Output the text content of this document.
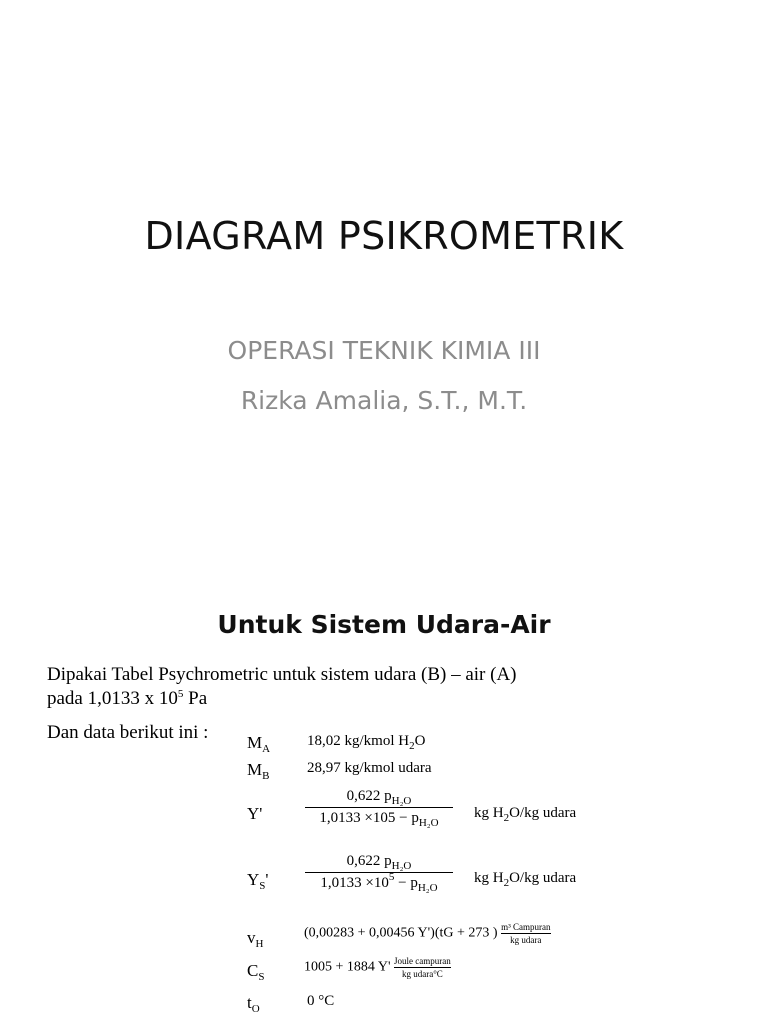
DIAGRAM PSIKROMETRIK
OPERASI TEKNIK KIMIA III
Rizka Amalia, S.T., M.T.
Untuk Sistem Udara-Air
Dipakai Tabel Psychrometric untuk sistem udara (B) – air (A)
pada 1,0133 x $10^5$ Pa
Dan data berikut ini : $M_A$ 18,02 kg/kmol $H_2O$
$M_B$	28,97 kg/kmol udara
Y'
0,622 $p_{H_2O}$
$1,0133 \times 105 - p_{H_2O}$
kg $H_2O/kg$ udara
$Y_S'$
0,622 $p_{H_2O}$
$1,0133 \times 10^5 - p_{H_2O}$
kg $H_2O/kg$ udara
$v_H$
(0,00283 + 0,00456 Y')(tG + 273 ) $\frac{\text{m³ Campuran}}{\text{kg udara}}$
$C_S$
1005 + 1884 $Y' \frac{\text{Joule campuran}}{\text{kg udara°C}}$
$t_O$	0 °C
